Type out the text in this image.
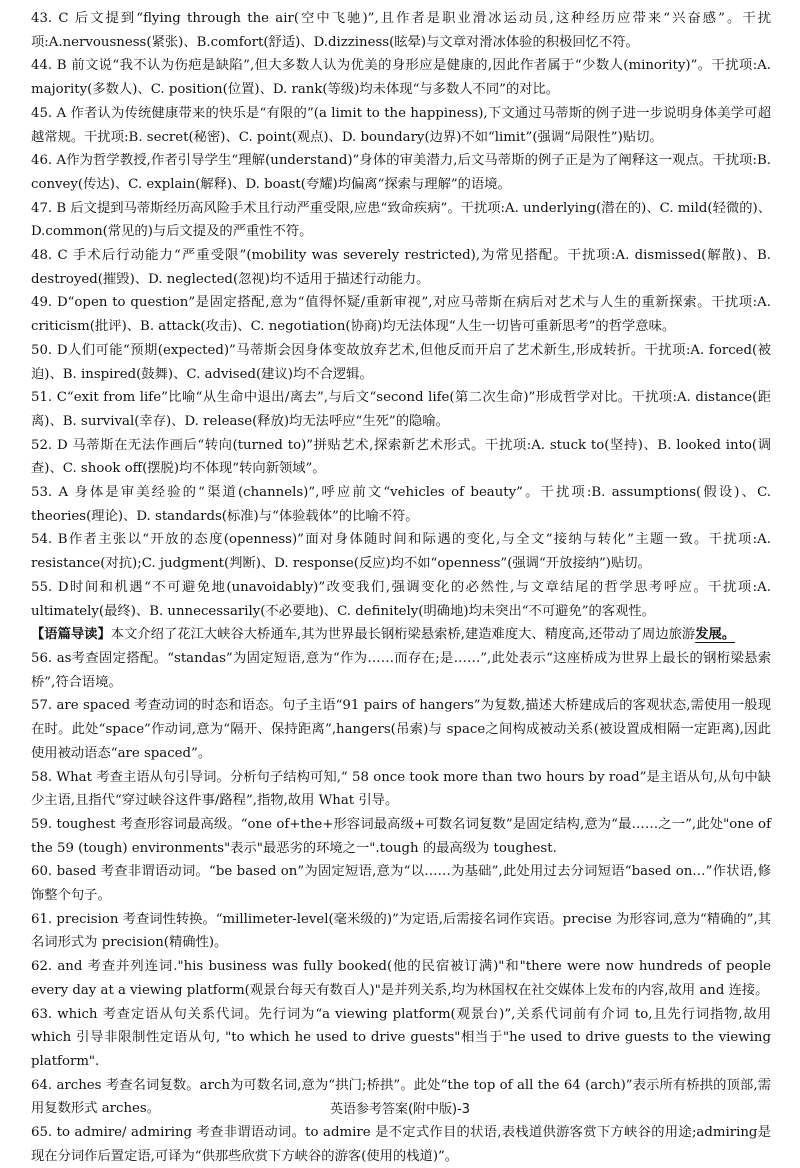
43. C 后文提到“flying through the air(空中飞驰)”,且作者是职业滑冰运动员,这种经历应带来“兴奋感”。干扰项:A.nervousness(紧张)、B.comfort(舒适)、D.dizziness(眩晕)与文章对滑冰体验的积极回忆不符。
44. B 前文说“我不认为伤疤是缺陷”,但大多数人认为优美的身形应是健康的,因此作者属于“少数人(minority)”。干扰项:A. majority(多数人)、C. position(位置)、D. rank(等级)均未体现“与多数人不同”的对比。
45. A 作者认为传统健康带来的快乐是“有限的”(a limit to the happiness),下文通过马蒂斯的例子进一步说明身体美学可超越常规。干扰项:B. secret(秘密)、C. point(观点)、D. boundary(边界)不如“limit”(强调“局限性”)贴切。
46. A作为哲学教授,作者引导学生“理解(understand)”身体的审美潜力,后文马蒂斯的例子正是为了阐释这一观点。干扰项:B. convey(传达)、C. explain(解释)、D. boast(夸耀)均偏离“探索与理解”的语境。
47. B 后文提到马蒂斯经历高风险手术且行动严重受限,应患“致命疾病”。干扰项:A. underlying(潜在的)、C. mild(轻微的)、D.common(常见的)与后文提及的严重性不符。
48. C 手术后行动能力“严重受限”(mobility was severely restricted),为常见搭配。干扰项:A. dismissed(解散)、B. destroyed(摧毁)、D. neglected(忽视)均不适用于描述行动能力。
49. D“open to question”是固定搭配,意为“值得怀疑/重新审视”,对应马蒂斯在病后对艺术与人生的重新探索。干扰项:A. criticism(批评)、B. attack(攻击)、C. negotiation(协商)均无法体现“人生一切皆可重新思考”的哲学意味。
50. D人们可能“预期(expected)”马蒂斯会因身体变故放弃艺术,但他反而开启了艺术新生,形成转折。干扰项:A. forced(被迫)、B. inspired(鼓舞)、C. advised(建议)均不合逻辑。
51. C“exit from life”比喻“从生命中退出/离去”,与后文“second life(第二次生命)”形成哲学对比。干扰项:A. distance(距离)、B. survival(幸存)、D. release(释放)均无法呼应“生死”的隐喻。
52. D 马蒂斯在无法作画后“转向(turned to)”拼贴艺术,探索新艺术形式。干扰项:A. stuck to(坚持)、B. looked into(调查)、C. shook off(摆脱)均不体现“转向新领域”。
53. A 身体是审美经验的“渠道(channels)”,呼应前文“vehicles of beauty”。干扰项:B. assumptions(假设)、C. theories(理论)、D. standards(标准)与“体验载体”的比喻不符。
54. B作者主张以“开放的态度(openness)”面对身体随时间和际遇的变化,与全文“接纳与转化”主题一致。干扰项:A. resistance(对抗);C. judgment(判断)、D. response(反应)均不如“openness”(强调“开放接纳”)贴切。
55. D时间和机遇“不可避免地(unavoidably)”改变我们,强调变化的必然性,与文章结尾的哲学思考呼应。干扰项:A. ultimately(最终)、B. unnecessarily(不必要地)、C. definitely(明确地)均未突出“不可避免”的客观性。
【语篇导读】本文介绍了花江大峡谷大桥通车,其为世界最长钢桁梁悬索桥,建造难度大、精度高,还带动了周边旅游发展。
56. as考查固定搭配。“standas”为固定短语,意为“作为……而存在;是……”,此处表示“这座桥成为世界上最长的钢桁梁悬索桥”,符合语境。
57. are spaced 考查动词的时态和语态。句子主语“91 pairs of hangers”为复数,描述大桥建成后的客观状态,需使用一般现在时。此处“space”作动词,意为“隔开、保持距离”,hangers(吊索)与 space之间构成被动关系(被设置成相隔一定距离),因此使用被动语态“are spaced”。
58. What 考查主语从句引导词。分析句子结构可知,“ 58 once took more than two hours by road”是主语从句,从句中缺少主语,且指代“穿过峡谷这件事/路程”,指物,故用 What 引导。
59. toughest 考查形容词最高级。“one of+the+形容词最高级+可数名词复数”是固定结构,意为“最……之一”,此处"one of the 59 (tough) environments"表示"最恶劣的环境之一".tough 的最高级为 toughest.
60. based 考查非谓语动词。“be based on”为固定短语,意为“以……为基础”,此处用过去分词短语“based on…”作状语,修饰整个句子。
61. precision 考查词性转换。“millimeter-level(毫米级的)”为定语,后需接名词作宾语。precise 为形容词,意为“精确的”,其名词形式为 precision(精确性)。
62. and 考查并列连词."his business was fully booked(他的民宿被订满)"和"there were now hundreds of people every day at a viewing platform(观景台每天有数百人)"是并列关系,均为林国权在社交媒体上发布的内容,故用 and 连接。
63. which 考查定语从句关系代词。先行词为“a viewing platform(观景台)”,关系代词前有介词 to,且先行词指物,故用 which 引导非限制性定语从句, "to which he used to drive guests"相当于"he used to drive guests to the viewing platform".
64. arches 考查名词复数。arch为可数名词,意为“拱门;桥拱”。此处“the top of all the 64 (arch)”表示所有桥拱的顶部,需用复数形式 arches。
65. to admire/ admiring 考查非谓语动词。to admire 是不定式作目的状语,表栈道供游客赏下方峡谷的用途;admiring是现在分词作后置定语,可译为“供那些欣赏下方峡谷的游客(使用的栈道)”。
英语参考答案(附中版)-3
